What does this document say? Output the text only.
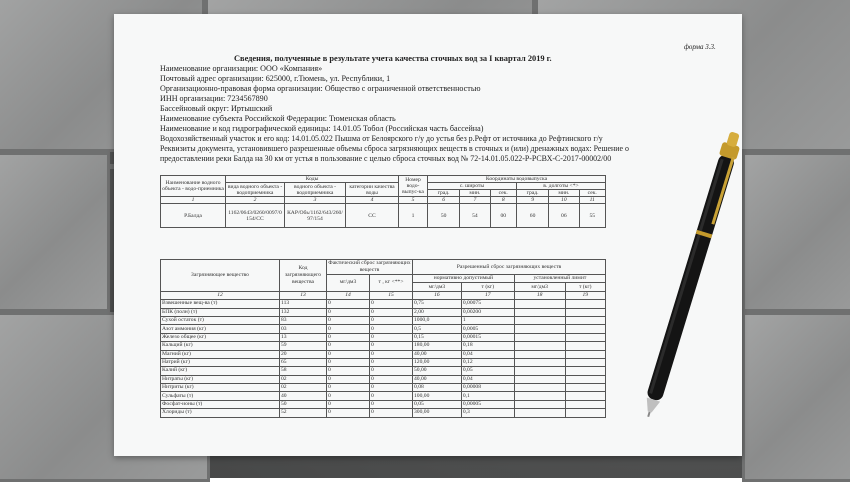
форма 3.3.
Сведения, полученные в результате учета качества сточных вод за I квартал 2019 г.
Наименование организации: ООО «Компания»
Почтовый адрес организации: 625000, г.Тюмень, ул. Республики, 1
Организационно-правовая форма организации: Общество с ограниченной ответственностью
ИНН организации: 7234567890
Бассейновый округ: Иртышский
Наименование субъекта Российской Федерации: Тюменская область
Наименование и код гидрографической единицы: 14.01.05 Тобол (Российская часть бассейна)
Водохозяйственный участок и его код: 14.01.05.022 Пышма от Белоярского г/у до устья без р.Рефт от источника до Рефтинского г/у
Реквизиты документа, установившего разрешенные объемы сброса загрязняющих веществ в сточных и (или) дренажных водах: Решение о
предоставлении реки Балда на 30 км от устья в пользование с целью сброса сточных вод № 72-14.01.05.022-Р-РСВХ-С-2017-00002/00
Наименование водного объекта - водо-приемника	Коды			Номер водо-выпус-ка	Координаты водовыпуска					
	вида водного объекта - водоприемника	водного объекта - водоприемника	категории качества воды		с. широты			в. долготы <*>		
					град.	мин.	сек.	град.	мин.	сек.
1	2	3	4	5	6	7	8	9	10	11
Р.Балда	1162/0643/0260/0097/0154/СС	КАР/Обь/1162/643/260/97/154	СС	1	50	54	00	60	06	55
Загрязняющее вещество	Код загрязняющего вещества	Фактический сброс загрязняющих веществ		Разрешенный сброс загрязняющих веществ			
		мг/дм3	т , кг <**>	нормативно допустимый		установленный лимит	
				мг/дм3	т (кг)	мг/дм3	т (кг)
12	13	14	15	16	17	18	19
Взвешенные вещ-ва (т)	113	0	0	0,75	0,00075		
БПК (полн) (т)	132	0	0	2,00	0,00200		
Сухой остаток (т)	83	0	0	1000,0	1		
Азот аммония (кг)	03	0	0	0,5	0,0005		
Железо общее (кг)	13	0	0	0,15	0,00015		
Кальций (кг)	59	0	0	180,00	0,18		
Магний (кг)	20	0	0	40,00	0,04		
Натрий (кг)	65	0	0	120,00	0,12		
Калий (кг)	58	0	0	50,00	0,05		
Нитраты (кг)	02	0	0	40,00	0,04		
Нитриты (кг)	02	0	0	0,08	0,00008		
Сульфаты (т)	40	0	0	100,00	0,1		
Фосфат-ионы (т)	50	0	0	0,05	0,00005		
Хлориды (т)	52	0	0	300,00	0,3		
